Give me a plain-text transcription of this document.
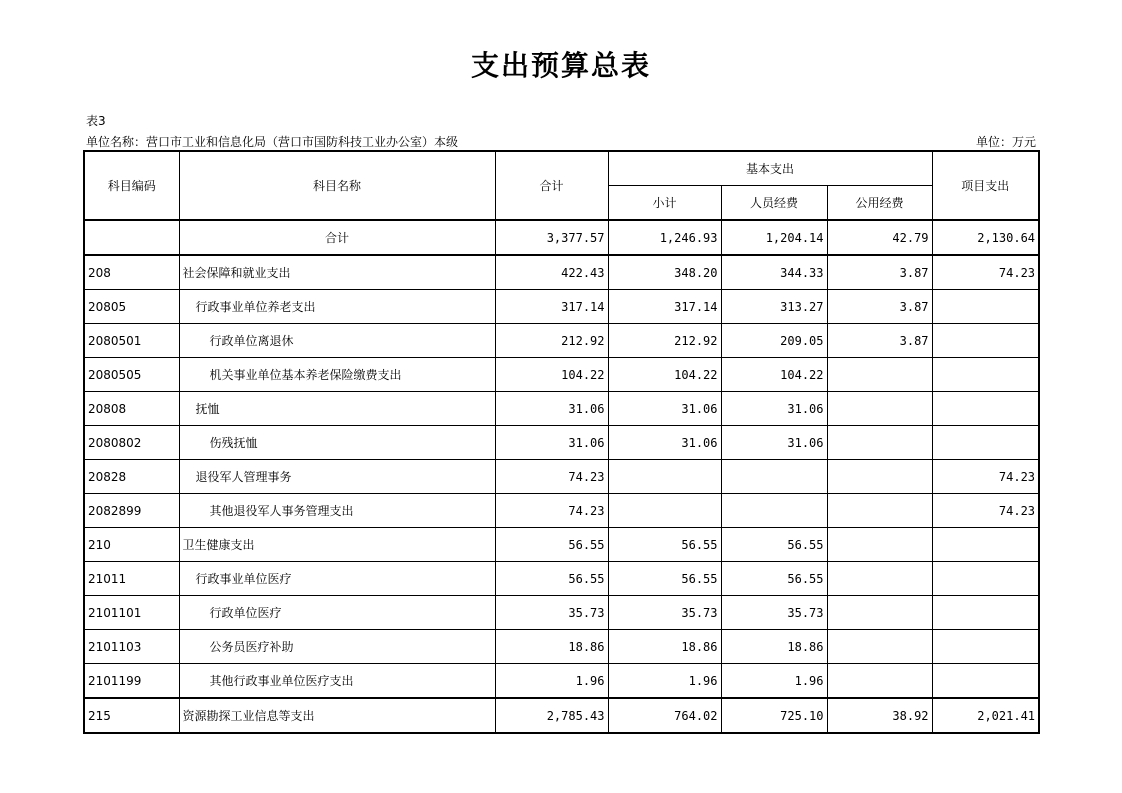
支出预算总表
表3
单位名称：营口市工业和信息化局（营口市国防科技工业办公室）本级	单位：万元
科目编码	科目名称	合计	基本支出			项目支出
			小计	人员经费	公用经费	
	合计	3,377.57	1,246.93	1,204.14	42.79	2,130.64
208	社会保障和就业支出	422.43	348.20	344.33	3.87	74.23
20805	行政事业单位养老支出	317.14	317.14	313.27	3.87	
2080501	行政单位离退休	212.92	212.92	209.05	3.87	
2080505	机关事业单位基本养老保险缴费支出	104.22	104.22	104.22		
20808	抚恤	31.06	31.06	31.06		
2080802	伤残抚恤	31.06	31.06	31.06		
20828	退役军人管理事务	74.23				74.23
2082899	其他退役军人事务管理支出	74.23				74.23
210	卫生健康支出	56.55	56.55	56.55		
21011	行政事业单位医疗	56.55	56.55	56.55		
2101101	行政单位医疗	35.73	35.73	35.73		
2101103	公务员医疗补助	18.86	18.86	18.86		
2101199	其他行政事业单位医疗支出	1.96	1.96	1.96		
215	资源勘探工业信息等支出	2,785.43	764.02	725.10	38.92	2,021.41
